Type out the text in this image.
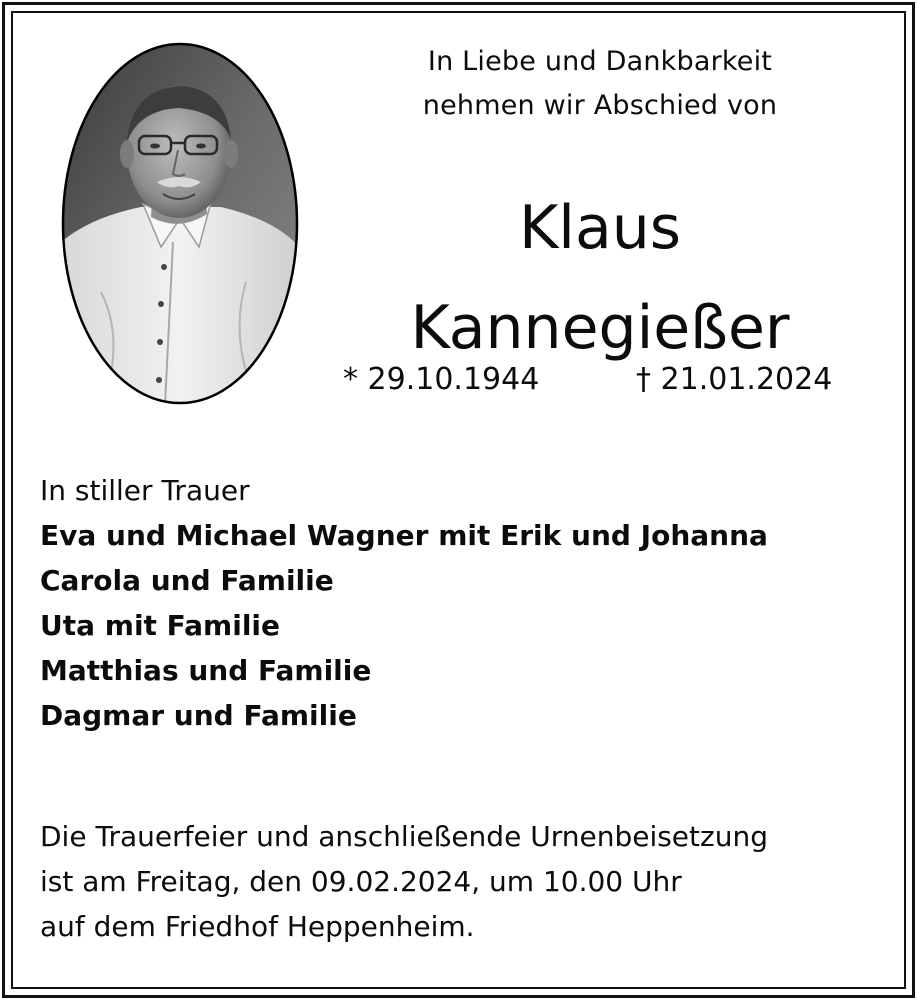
In Liebe und Dankbarkeit
nehmen wir Abschied von
Klaus
Kannegießer
* 29.10.1944	† 21.01.2024
In stiller Trauer
Eva und Michael Wagner mit Erik und Johanna
Carola und Familie
Uta mit Familie
Matthias und Familie
Dagmar und Familie
Die Trauerfeier und anschließende Urnenbeisetzung
ist am Freitag, den 09.02.2024, um 10.00 Uhr
auf dem Friedhof Heppenheim.
